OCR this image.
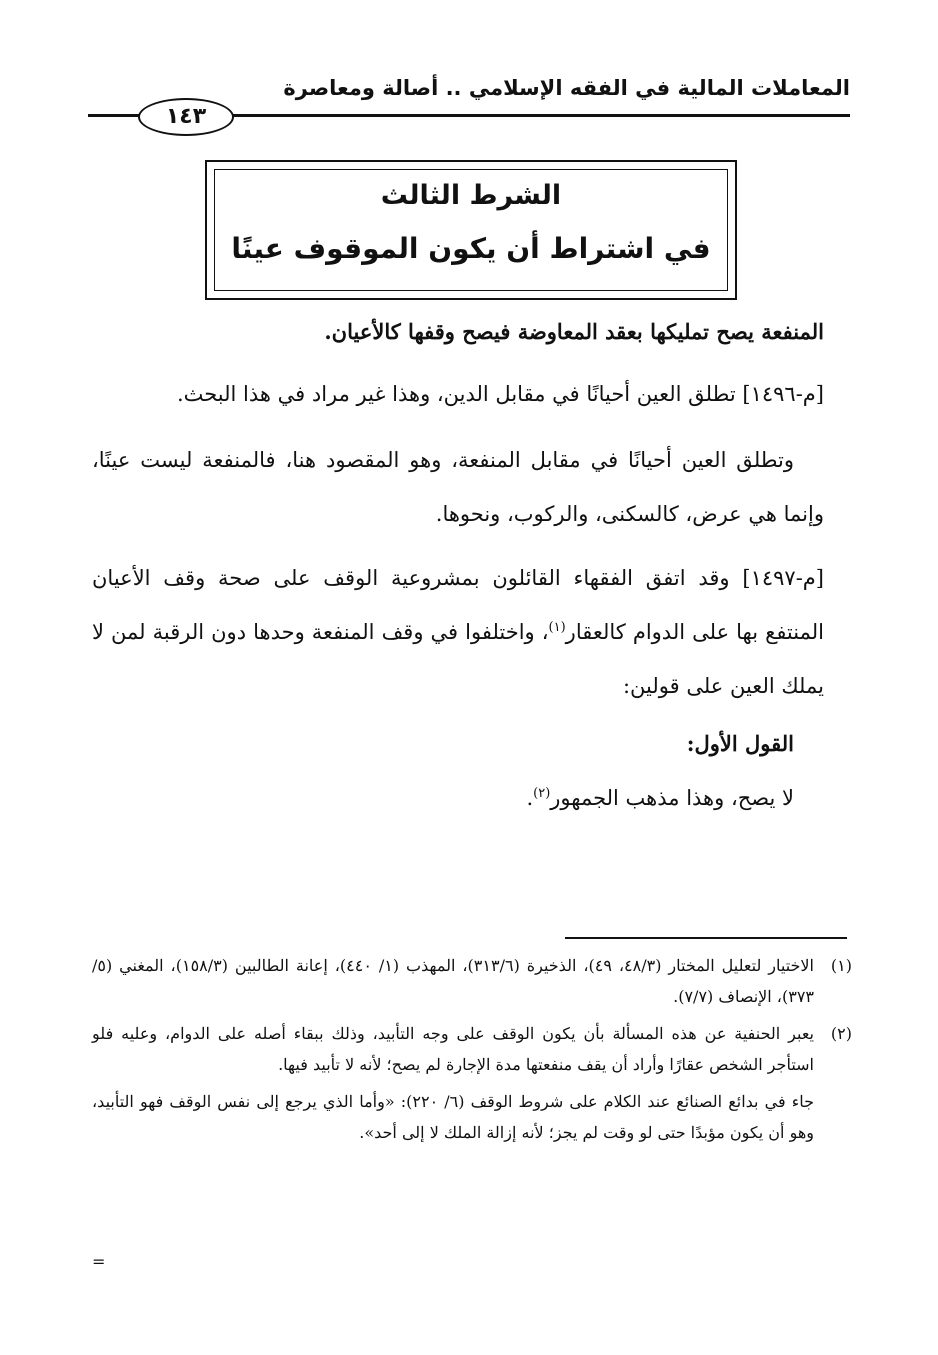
المعاملات المالية في الفقه الإسلامي .. أصالة ومعاصرة
١٤٣
الشرط الثالث
في اشتراط أن يكون الموقوف عينًا

المنفعة يصح تمليكها بعقد المعاوضة فيصح وقفها كالأعيان.

[م-١٤٩٦] تطلق العين أحيانًا في مقابل الدين، وهذا غير مراد في هذا البحث.

وتطلق العين أحيانًا في مقابل المنفعة، وهو المقصود هنا، فالمنفعة ليست عينًا، وإنما هي عرض، كالسكنى، والركوب، ونحوها.

[م-١٤٩٧] وقد اتفق الفقهاء القائلون بمشروعية الوقف على صحة وقف الأعيان المنتفع بها على الدوام كالعقار$^{(١)}$، واختلفوا في وقف المنفعة وحدها دون الرقبة لمن لا يملك العين على قولين:

القول الأول:

لا يصح، وهذا مذهب الجمهور$^{(٢)}$.

(١)
الاختيار لتعليل المختار (٤٨/٣، ٤٩)، الذخيرة (٣١٣/٦)، المهذب (١/ ٤٤٠)، إعانة الطالبين (١٥٨/٣)، المغني (٥/ ٣٧٣)، الإنصاف (٧/٧).

(٢)
يعبر الحنفية عن هذه المسألة بأن يكون الوقف على وجه التأبيد، وذلك ببقاء أصله على الدوام، وعليه فلو استأجر الشخص عقارًا وأراد أن يقف منفعتها مدة الإجارة لم يصح؛ لأنه لا تأبيد فيها.

جاء في بدائع الصنائع عند الكلام على شروط الوقف (٦/ ٢٢٠): «وأما الذي يرجع إلى نفس الوقف فهو التأبيد، وهو أن يكون مؤبدًا حتى لو وقت لم يجز؛ لأنه إزالة الملك لا إلى أحد».

=
